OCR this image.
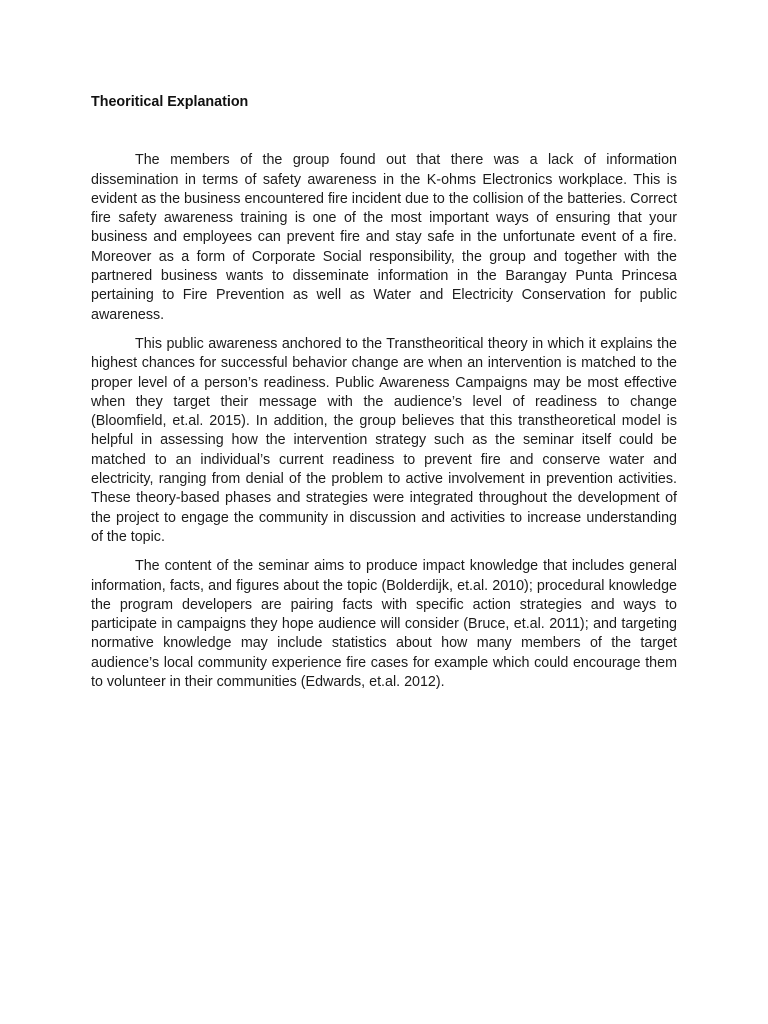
Theoritical Explanation

The members of the group found out that there was a lack of information dissemination in terms of safety awareness in the K-ohms Electronics workplace. This is evident as the business encountered fire incident due to the collision of the batteries. Correct fire safety awareness training is one of the most important ways of ensuring that your business and employees can prevent fire and stay safe in the unfortunate event of a fire. Moreover as a form of Corporate Social responsibility, the group and together with the partnered business wants to disseminate information in the Barangay Punta Princesa pertaining to Fire Prevention as well as Water and Electricity Conservation for public awareness.

This public awareness anchored to the Transtheoritical theory in which it explains the highest chances for successful behavior change are when an intervention is matched to the proper level of a person’s readiness. Public Awareness Campaigns may be most effective when they target their message with the audience’s level of readiness to change (Bloomfield, et.al. 2015). In addition, the group believes that this transtheoretical model is helpful in assessing how the intervention strategy such as the seminar itself could be matched to an individual’s current readiness to prevent fire and conserve water and electricity, ranging from denial of the problem to active involvement in prevention activities. These theory-based phases and strategies were integrated throughout the development of the project to engage the community in discussion and activities to increase understanding of the topic.

The content of the seminar aims to produce impact knowledge that includes general information, facts, and figures about the topic (Bolderdijk, et.al. 2010); procedural knowledge the program developers are pairing facts with specific action strategies and ways to participate in campaigns they hope audience will consider (Bruce, et.al. 2011); and targeting normative knowledge may include statistics about how many members of the target audience’s local community experience fire cases for example which could encourage them to volunteer in their communities (Edwards, et.al. 2012).
